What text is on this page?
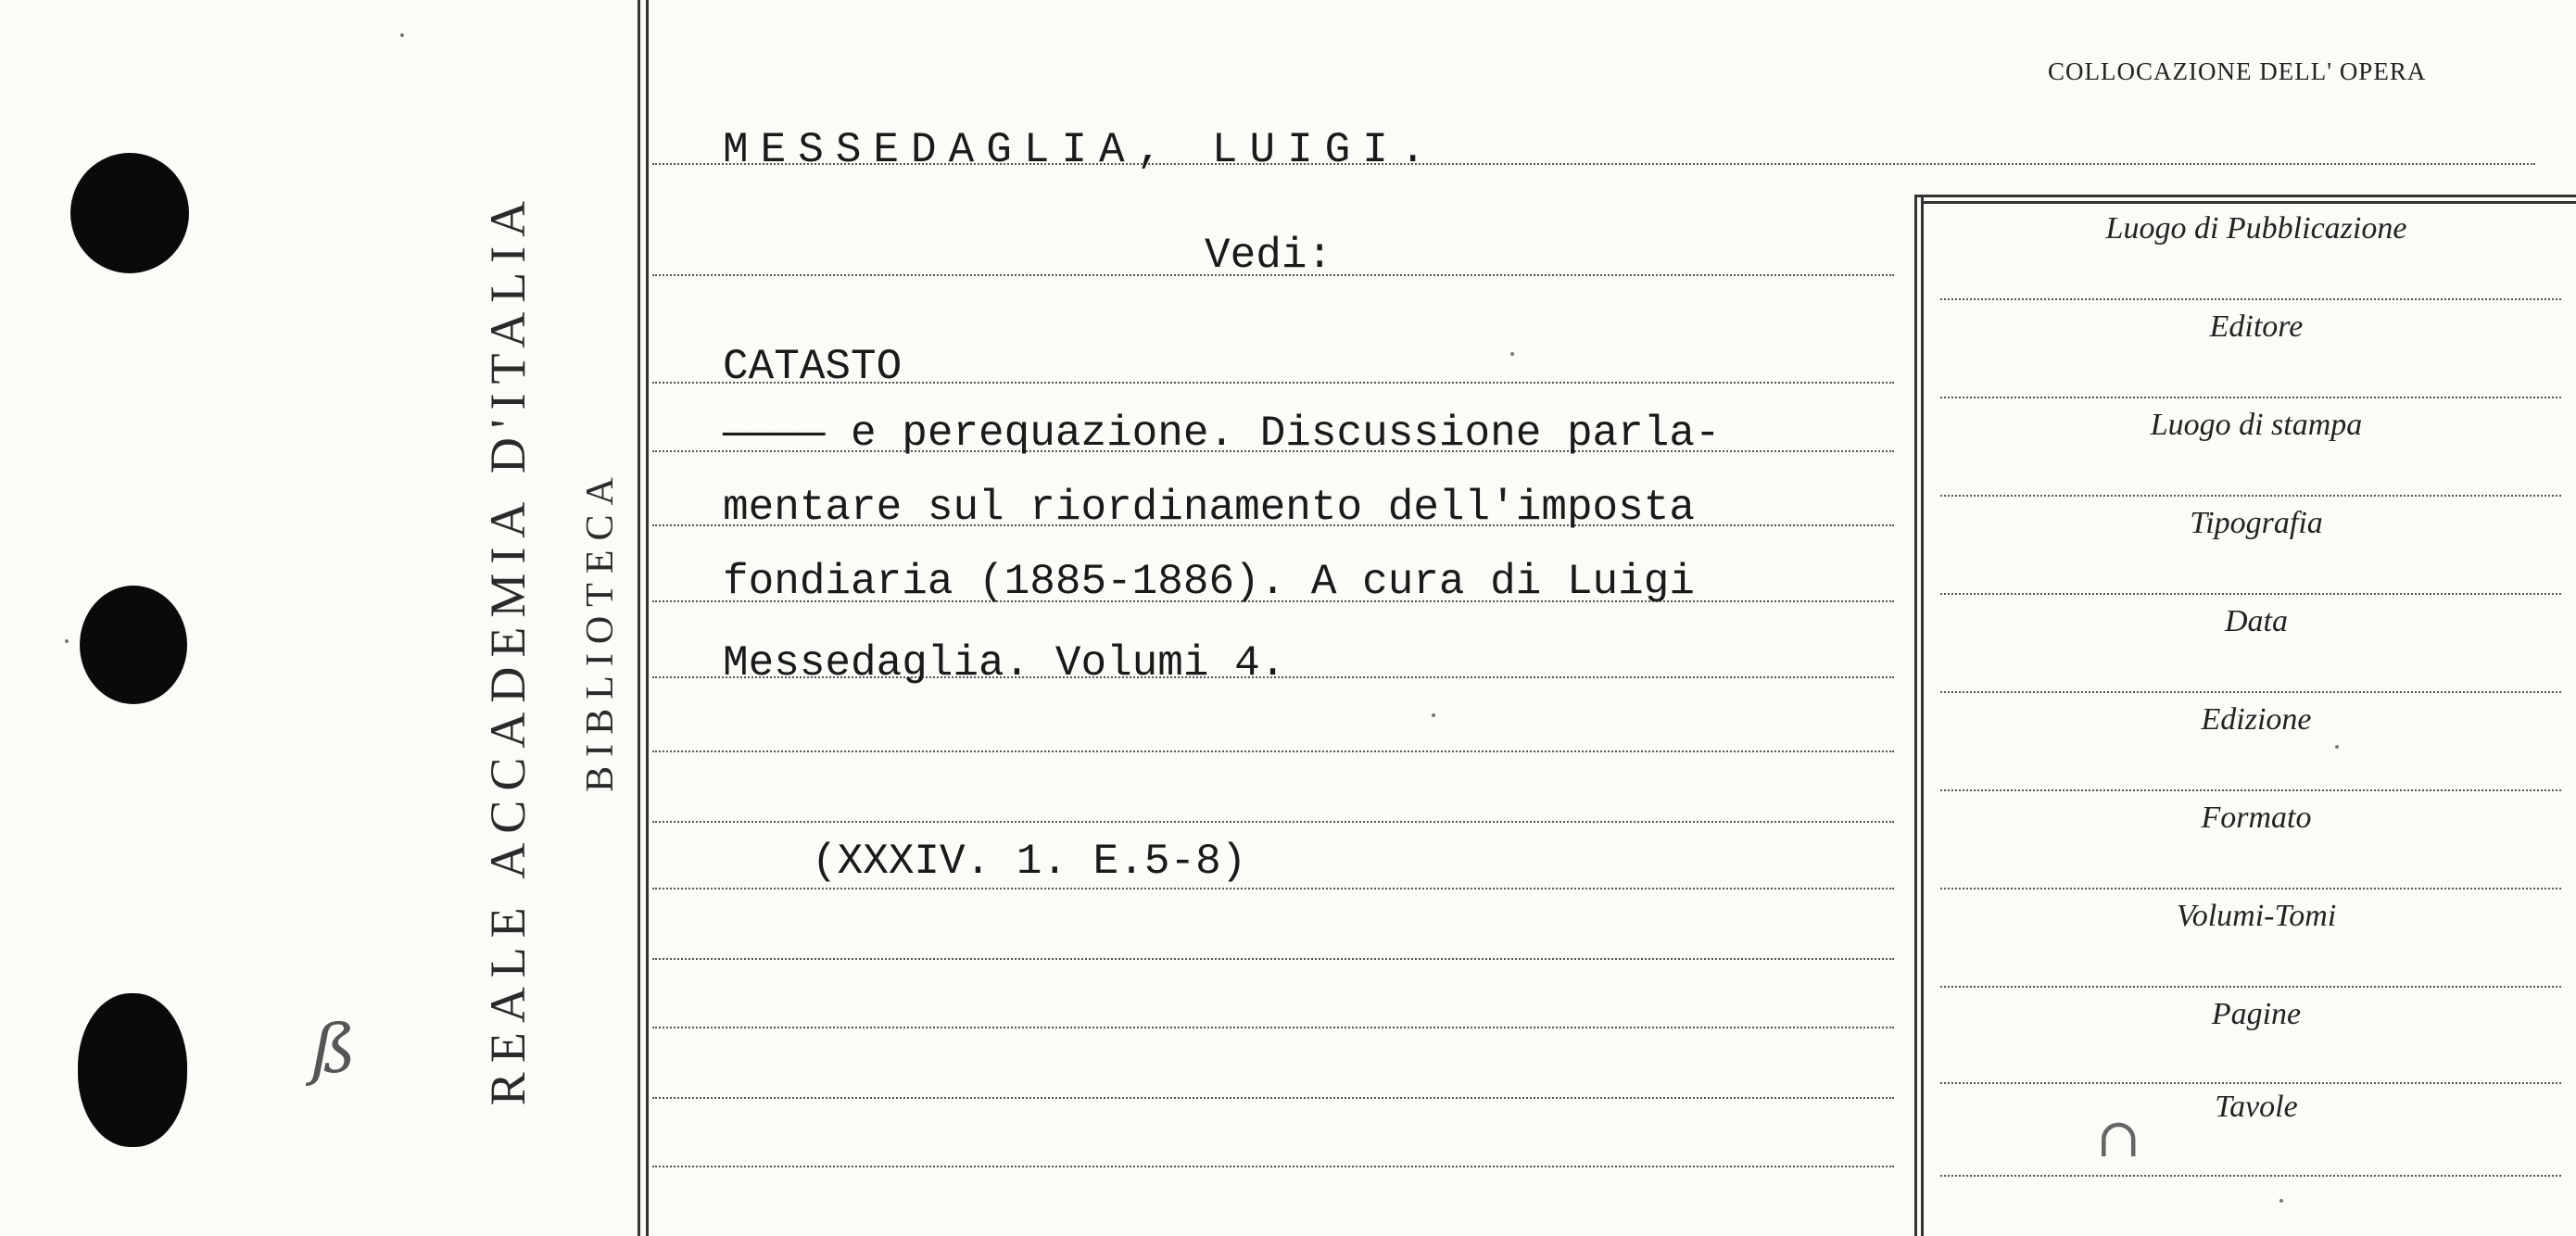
REALE ACCADEMIA D'ITALIA BIBLIOTECA
COLLOCAZIONE DELL' OPERA
MESSEDAGLIA, LUIGI.
Vedi:
CATASTO
———— e perequazione. Discussione parla-
mentare sul riordinamento dell'imposta
fondiaria (1885-1886). A cura di Luigi
Messedaglia. Volumi 4.
(XXXIV. 1. E.5-8)
Luogo di Pubblicazione
Editore
Luogo di stampa
Tipografia
Data
Edizione
Formato
Volumi-Tomi
Pagine
Tavole
ß
∩
